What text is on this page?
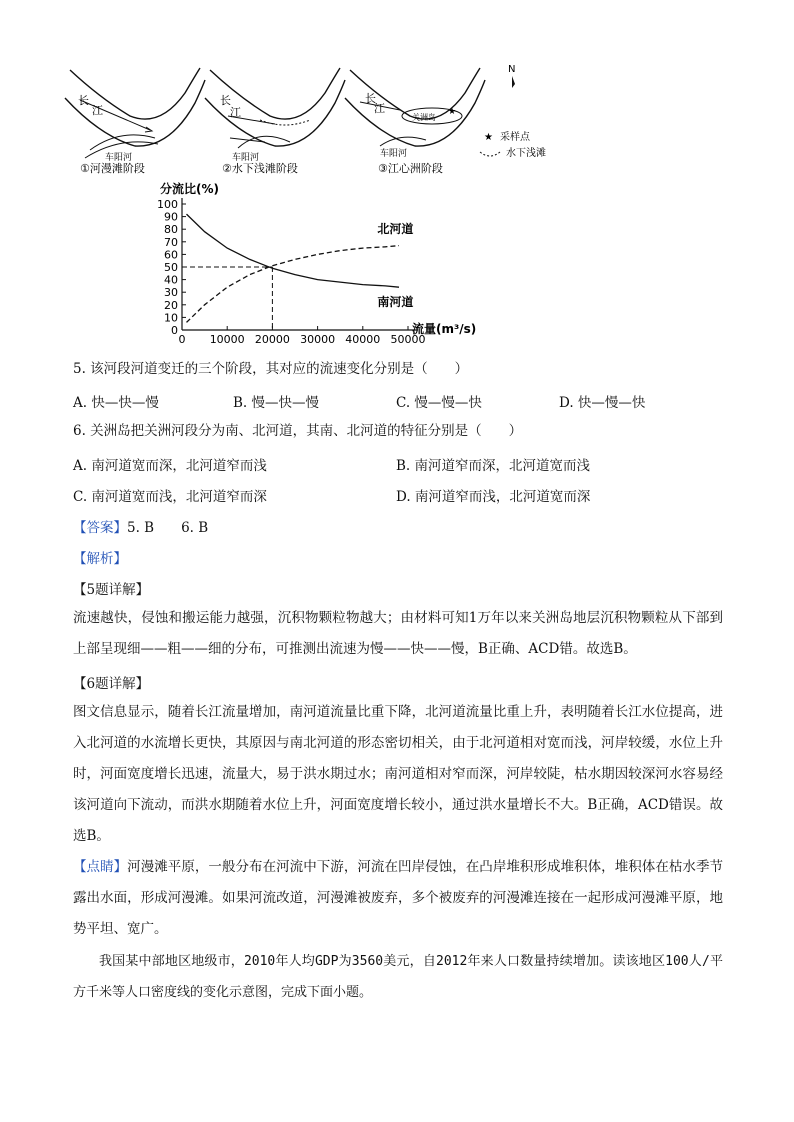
长
江
车阳河
①河漫滩阶段
长
江
车阳河
②水下浅滩阶段
长
江
关洲岛
车阳河
③江心洲阶段
★
N
★ 采样点
水下浅滩
分流比(%)
流量(m³/s)
0
10
20
30
40
50
60
70
80
90
100
0 10000 20000 30000 40000 50000
北河道
南河道
5. 该河段河道变迁的三个阶段，其对应的流速变化分别是（　　）
A. 快—快—慢	B. 慢—快—慢	C. 慢—慢—快	D. 快—慢—快
6. 关洲岛把关洲河段分为南、北河道，其南、北河道的特征分别是（　　）
A. 南河道宽而深，北河道窄而浅	B. 南河道窄而深，北河道宽而浅
C. 南河道宽而浅，北河道窄而深	D. 南河道窄而浅，北河道宽而深
【答案】5. B　　6. B
【解析】
【5题详解】
流速越快，侵蚀和搬运能力越强，沉积物颗粒物越大；由材料可知1万年以来关洲岛地层沉积物颗粒从下部到上部呈现细——粗——细的分布，可推测出流速为慢——快——慢，B正确、ACD错。故选B。
【6题详解】
图文信息显示，随着长江流量增加，南河道流量比重下降，北河道流量比重上升，表明随着长江水位提高，进入北河道的水流增长更快，其原因与南北河道的形态密切相关，由于北河道相对宽而浅，河岸较缓，水位上升时，河面宽度增长迅速，流量大，易于洪水期过水；南河道相对窄而深，河岸较陡，枯水期因较深河水容易经该河道向下流动，而洪水期随着水位上升，河面宽度增长较小，通过洪水量增长不大。B正确，ACD错误。故选B。
【点睛】河漫滩平原，一般分布在河流中下游，河流在凹岸侵蚀，在凸岸堆积形成堆积体，堆积体在枯水季节露出水面，形成河漫滩。如果河流改道，河漫滩被废弃，多个被废弃的河漫滩连接在一起形成河漫滩平原，地势平坦、宽广。
我国某中部地区地级市，2010年人均GDP为3560美元，自2012年来人口数量持续增加。读该地区100人/平方千米等人口密度线的变化示意图，完成下面小题。
